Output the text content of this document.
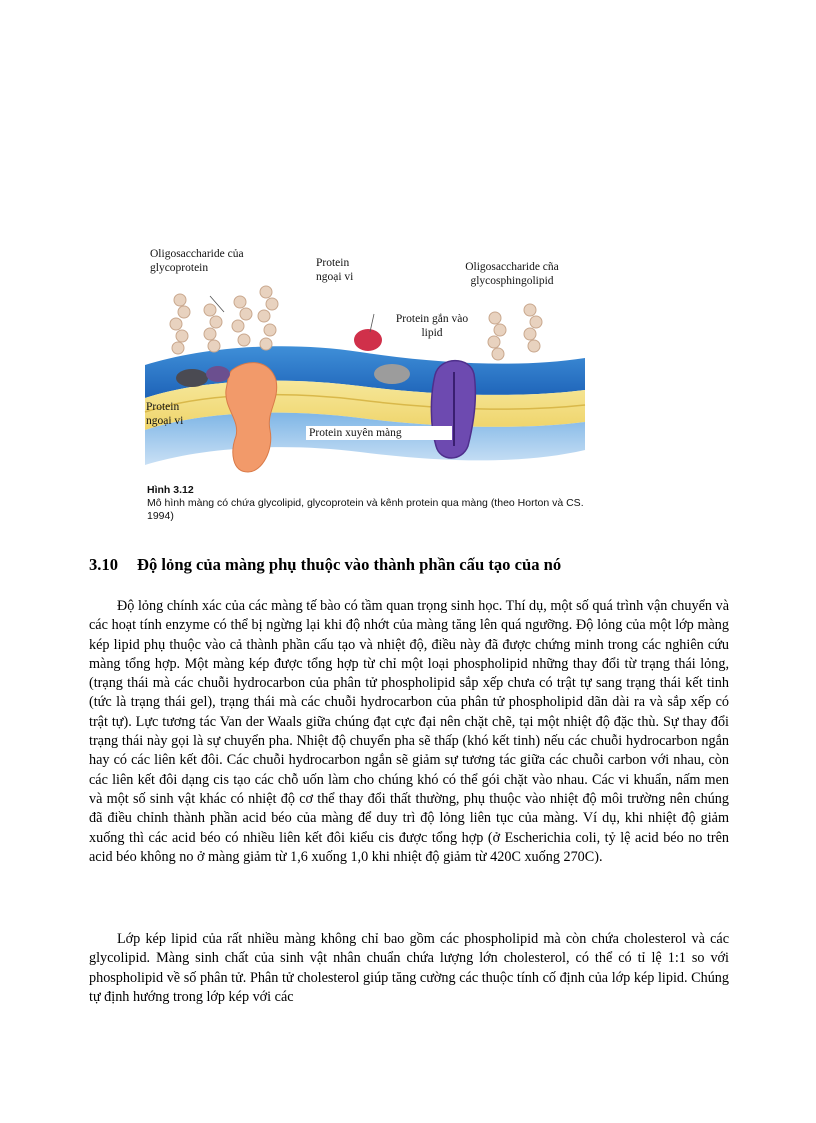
Oligosaccharide của glycoprotein	Protein ngoại vi
Oligosaccharide cña glycosphingolipid
Protein gắn vào lipid
Protein ngoại vi
Protein xuyên màng
Hình 3.12
Mô hình màng có chứa glycolipid, glycoprotein và kênh protein qua màng (theo Horton và CS. 1994)
3.10 Độ lỏng của màng phụ thuộc vào thành phần cấu tạo của nó

Độ lỏng chính xác của các màng tế bào có tầm quan trọng sinh học. Thí dụ, một số quá trình vận chuyển và các hoạt tính enzyme có thể bị ngừng lại khi độ nhớt của màng tăng lên quá ngưỡng. Độ lỏng của một lớp màng kép lipid phụ thuộc vào cả thành phần cấu tạo và nhiệt độ, điều này đã được chứng minh trong các nghiên cứu màng tổng hợp. Một màng kép được tổng hợp từ chỉ một loại phospholipid những thay đổi từ trạng thái lỏng, (trạng thái mà các chuỗi hydrocarbon của phân tử phospholipid sắp xếp chưa có trật tự sang trạng thái kết tinh (tức là trạng thái gel), trạng thái mà các chuỗi hydrocarbon của phân tử phospholipid dãn dài ra và sắp xếp có trật tự). Lực tương tác Van der Waals giữa chúng đạt cực đại nên chặt chẽ, tại một nhiệt độ đặc thù. Sự thay đổi trạng thái này gọi là sự chuyển pha. Nhiệt độ chuyển pha sẽ thấp (khó kết tinh) nếu các chuỗi hydrocarbon ngắn hay có các liên kết đôi. Các chuỗi hydrocarbon ngắn sẽ giảm sự tương tác giữa các chuỗi carbon với nhau, còn các liên kết đôi dạng cis tạo các chỗ uốn làm cho chúng khó có thể gói chặt vào nhau. Các vi khuẩn, nấm men và một số sinh vật khác có nhiệt độ cơ thể thay đổi thất thường, phụ thuộc vào nhiệt độ môi trường nên chúng đã điều chỉnh thành phần acid béo của màng để duy trì độ lỏng liên tục của màng. Ví dụ, khi nhiệt độ giảm xuống thì các acid béo có nhiều liên kết đôi kiểu cis được tổng hợp (ở Escherichia coli, tỷ lệ acid béo no trên acid béo không no ở màng giảm từ 1,6 xuống 1,0 khi nhiệt độ giảm từ 420C xuống 270C).

Lớp kép lipid của rất nhiều màng không chỉ bao gồm các phospholipid mà còn chứa cholesterol và các glycolipid. Màng sinh chất của sinh vật nhân chuẩn chứa lượng lớn cholesterol, có thể có tỉ lệ 1:1 so với phospholipid về số phân tử. Phân tử cholesterol giúp tăng cường các thuộc tính cố định của lớp kép lipid. Chúng tự định hướng trong lớp kép với các
